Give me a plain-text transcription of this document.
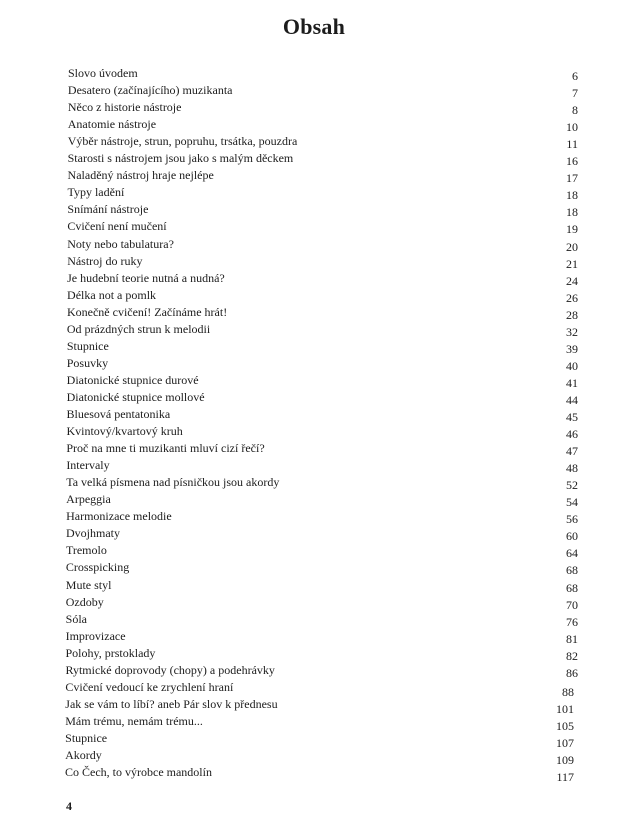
Obsah
Slovo úvodem	6
Desatero (začínajícího) muzikanta	7
Něco z historie nástroje	8
Anatomie nástroje	10
Výběr nástroje, strun, popruhu, trsátka, pouzdra	11
Starosti s nástrojem jsou jako s malým děckem	16
Naladěný nástroj hraje nejlépe	17
Typy ladění	18
Snímání nástroje	18
Cvičení není mučení	19
Noty nebo tabulatura?	20
Nástroj do ruky	21
Je hudební teorie nutná a nudná?	24
Délka not a pomlk	26
Konečně cvičení! Začínáme hrát!	28
Od prázdných strun k melodii	32
Stupnice	39
Posuvky	40
Diatonické stupnice durové	41
Diatonické stupnice mollové	44
Bluesová pentatonika	45
Kvintový/kvartový kruh	46
Proč na mne ti muzikanti mluví cizí řečí?	47
Intervaly	48
Ta velká písmena nad písničkou jsou akordy	52
Arpeggia	54
Harmonizace melodie	56
Dvojhmaty	60
Tremolo	64
Crosspicking	68
Mute styl	68
Ozdoby	70
Sóla	76
Improvizace	81
Polohy, prstoklady	82
Rytmické doprovody (chopy) a podehrávky	86
Cvičení vedoucí ke zrychlení hraní	88
Jak se vám to líbí? aneb Pár slov k přednesu	101
Mám trému, nemám trému...	105
Stupnice	107
Akordy	109
Co Čech, to výrobce mandolín	117
4
